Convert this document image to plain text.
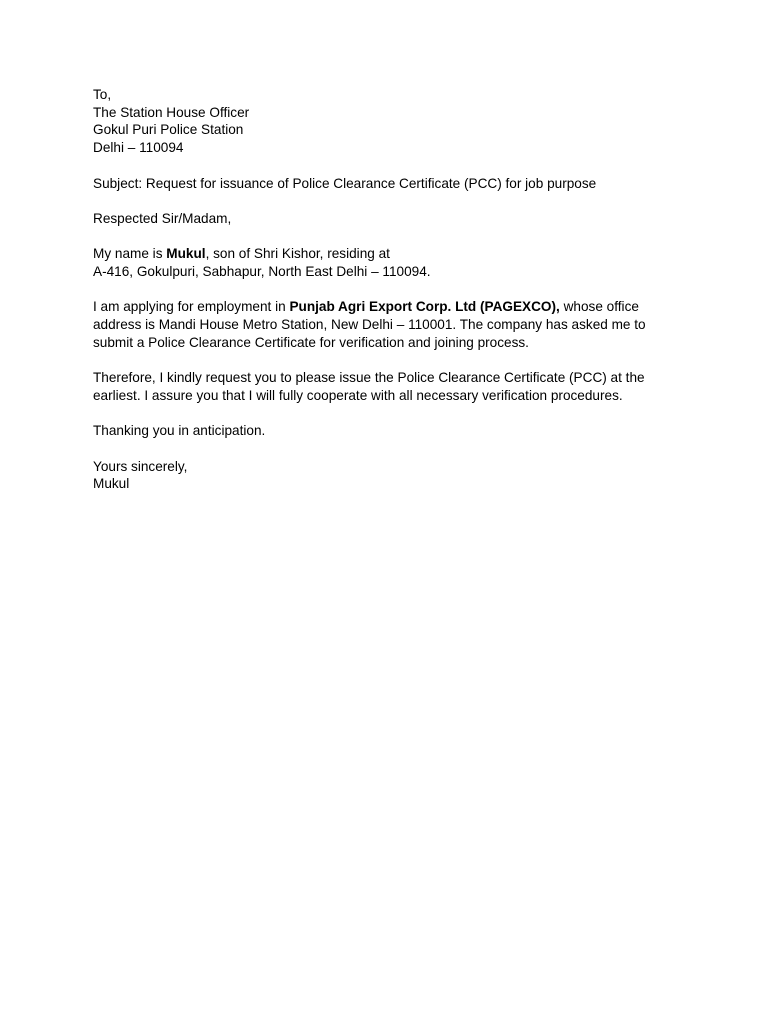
To,
The Station House Officer
Gokul Puri Police Station
Delhi – 110094
Subject: Request for issuance of Police Clearance Certificate (PCC) for job purpose
Respected Sir/Madam,
My name is Mukul, son of Shri Kishor, residing at
A-416, Gokulpuri, Sabhapur, North East Delhi – 110094.
I am applying for employment in Punjab Agri Export Corp. Ltd (PAGEXCO), whose office
address is Mandi House Metro Station, New Delhi – 110001. The company has asked me to
submit a Police Clearance Certificate for verification and joining process.
Therefore, I kindly request you to please issue the Police Clearance Certificate (PCC) at the
earliest. I assure you that I will fully cooperate with all necessary verification procedures.
Thanking you in anticipation.
Yours sincerely,
Mukul
